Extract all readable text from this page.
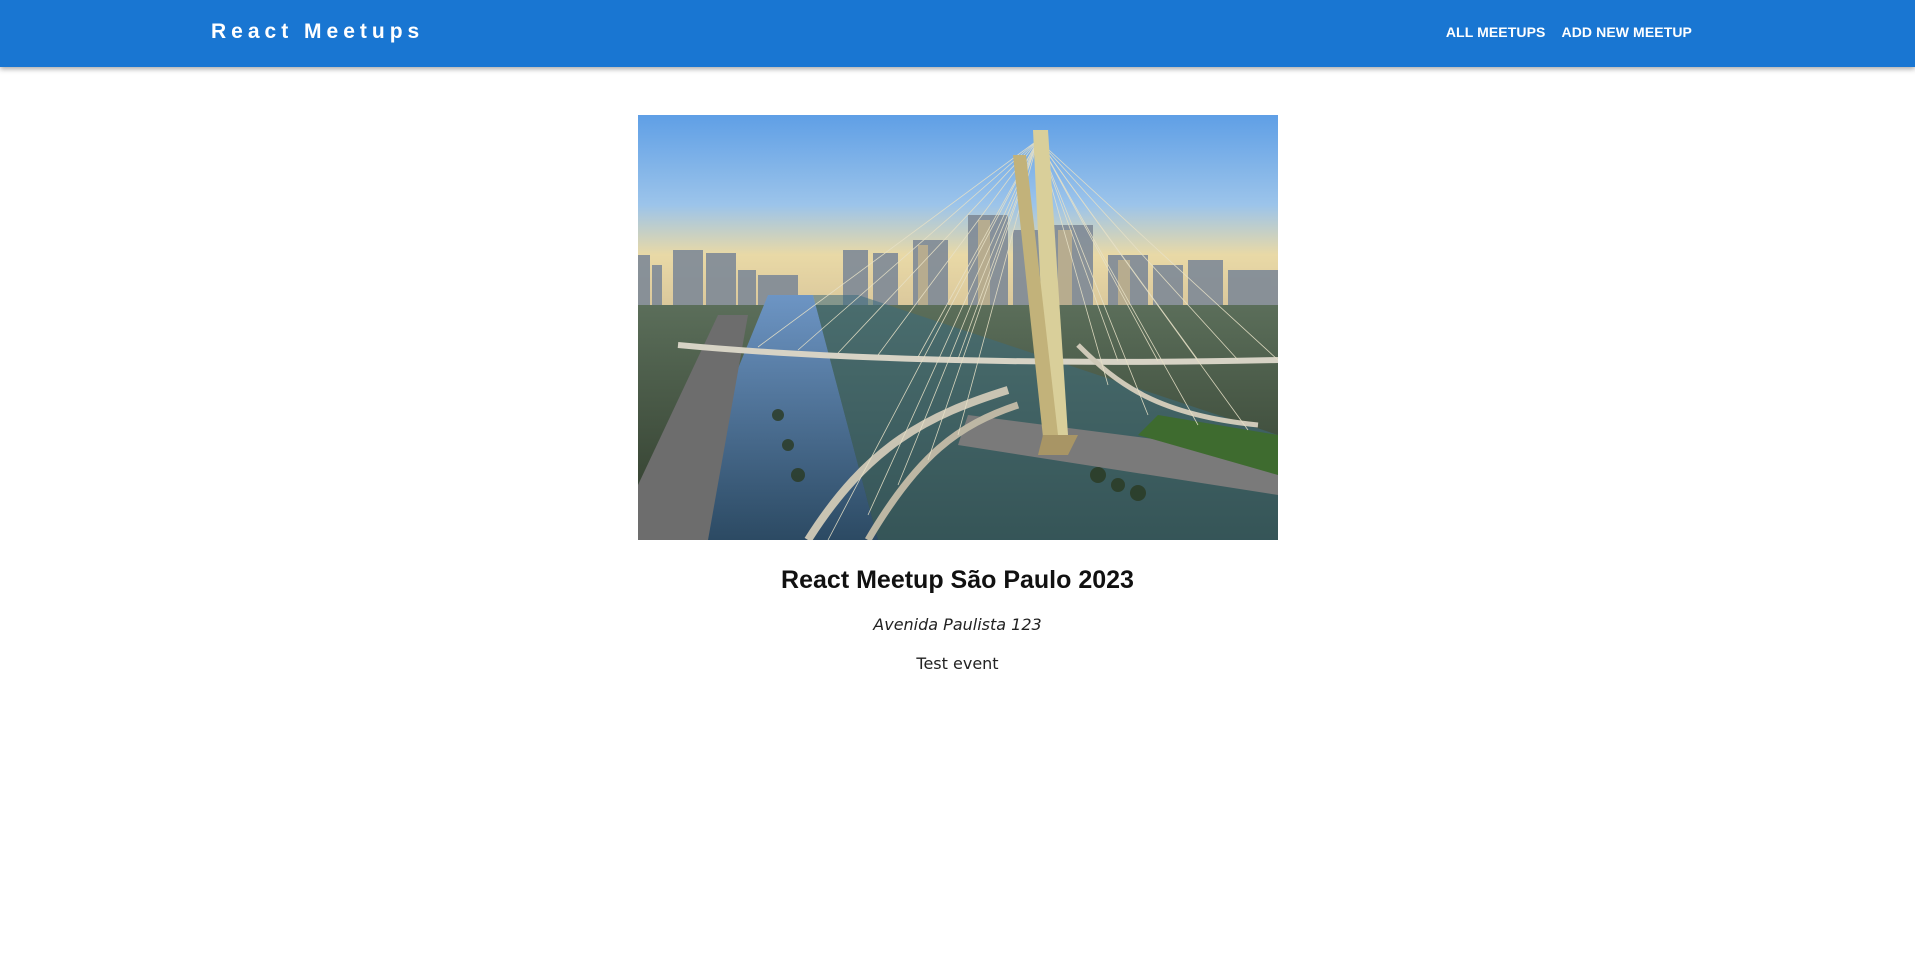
React Meetups	ALL MEETUPS ADD NEW MEETUP
React Meetup São Paulo 2023
Avenida Paulista 123

Test event
